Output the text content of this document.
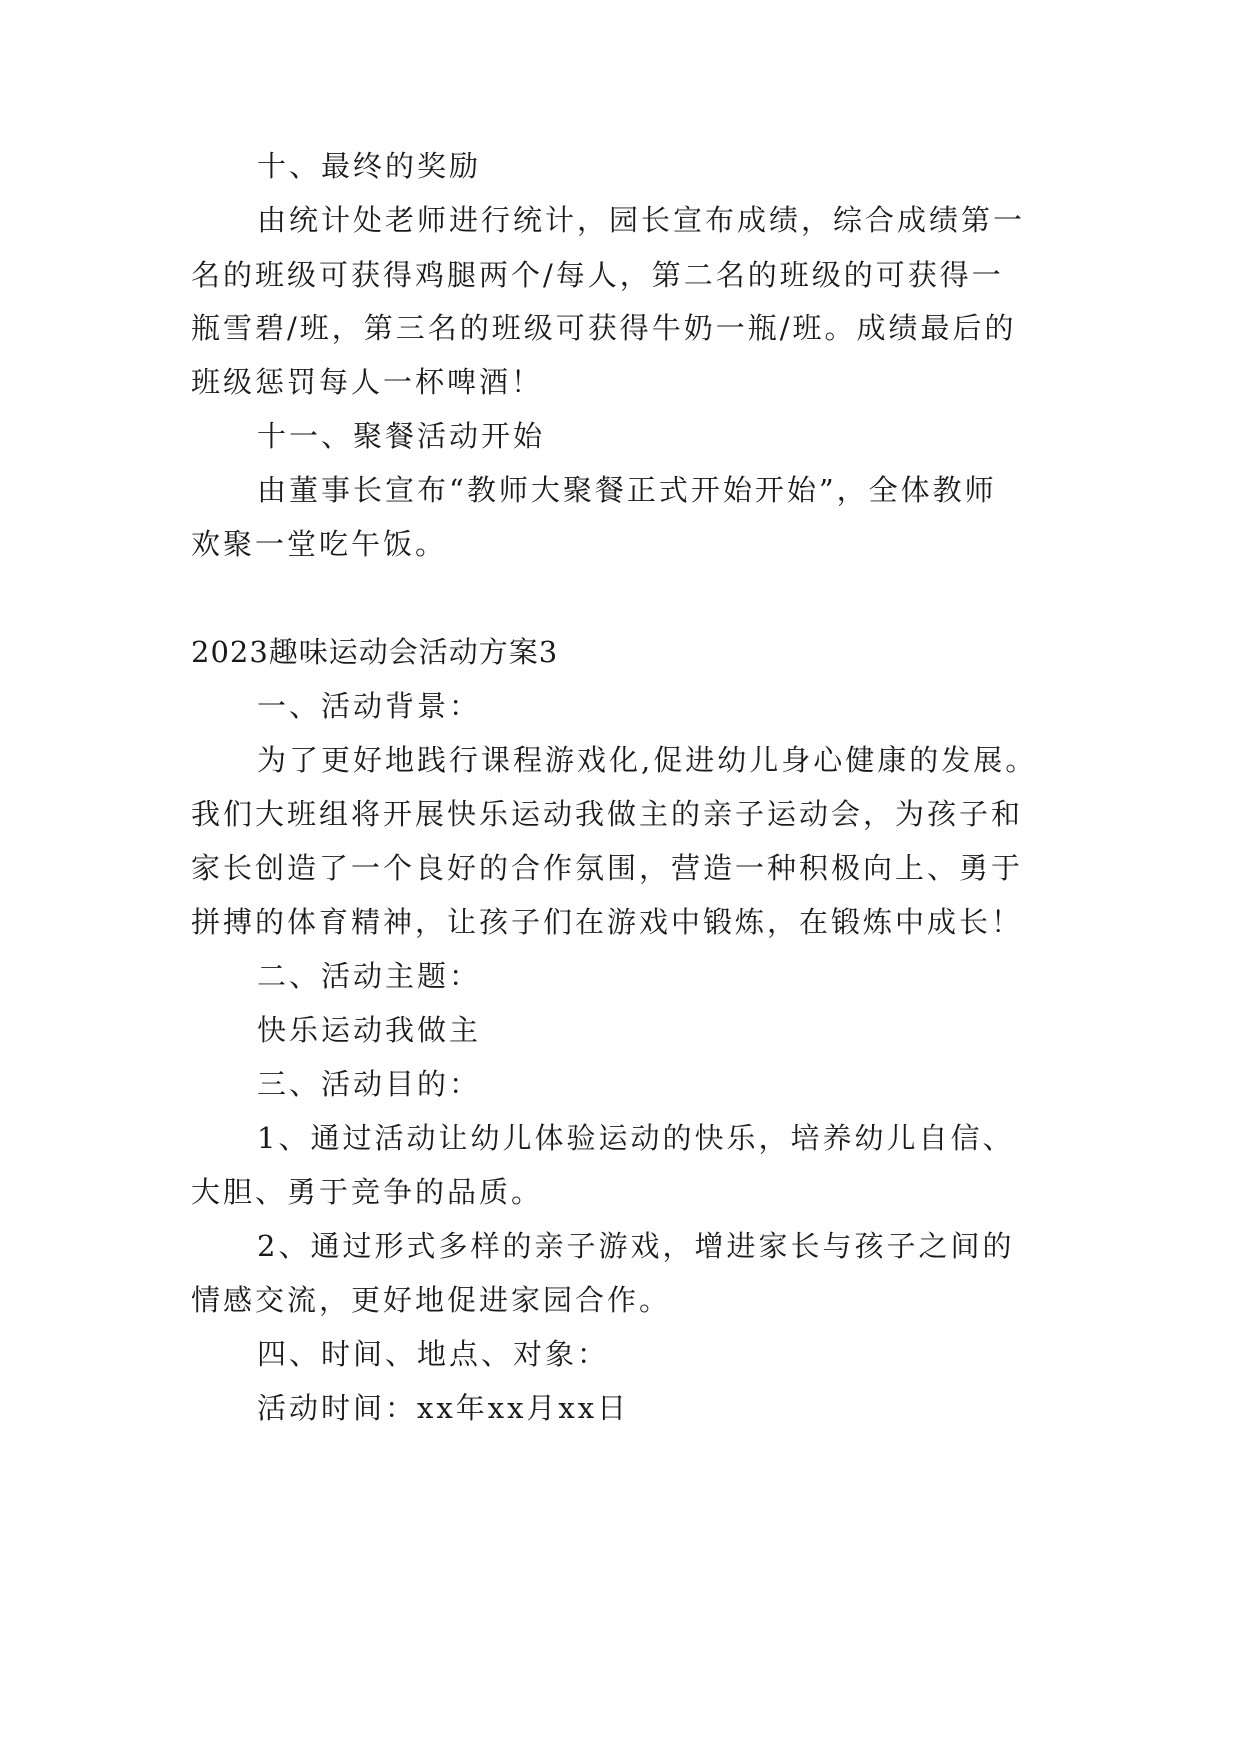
十、最终的奖励
由统计处老师进行统计，园长宣布成绩，综合成绩第一
名的班级可获得鸡腿两个/每人，第二名的班级的可获得一
瓶雪碧/班，第三名的班级可获得牛奶一瓶/班。成绩最后的
班级惩罚每人一杯啤酒！
十一、聚餐活动开始
由董事长宣布“教师大聚餐正式开始开始”，全体教师
欢聚一堂吃午饭。
2023趣味运动会活动方案3
一、活动背景：
为了更好地践行课程游戏化,促进幼儿身心健康的发展。
我们大班组将开展快乐运动我做主的亲子运动会，为孩子和
家长创造了一个良好的合作氛围，营造一种积极向上、勇于
拼搏的体育精神，让孩子们在游戏中锻炼，在锻炼中成长！
二、活动主题：
快乐运动我做主
三、活动目的：
1、通过活动让幼儿体验运动的快乐，培养幼儿自信、
大胆、勇于竞争的品质。
2、通过形式多样的亲子游戏，增进家长与孩子之间的
情感交流，更好地促进家园合作。
四、时间、地点、对象：
活动时间：xx年xx月xx日
